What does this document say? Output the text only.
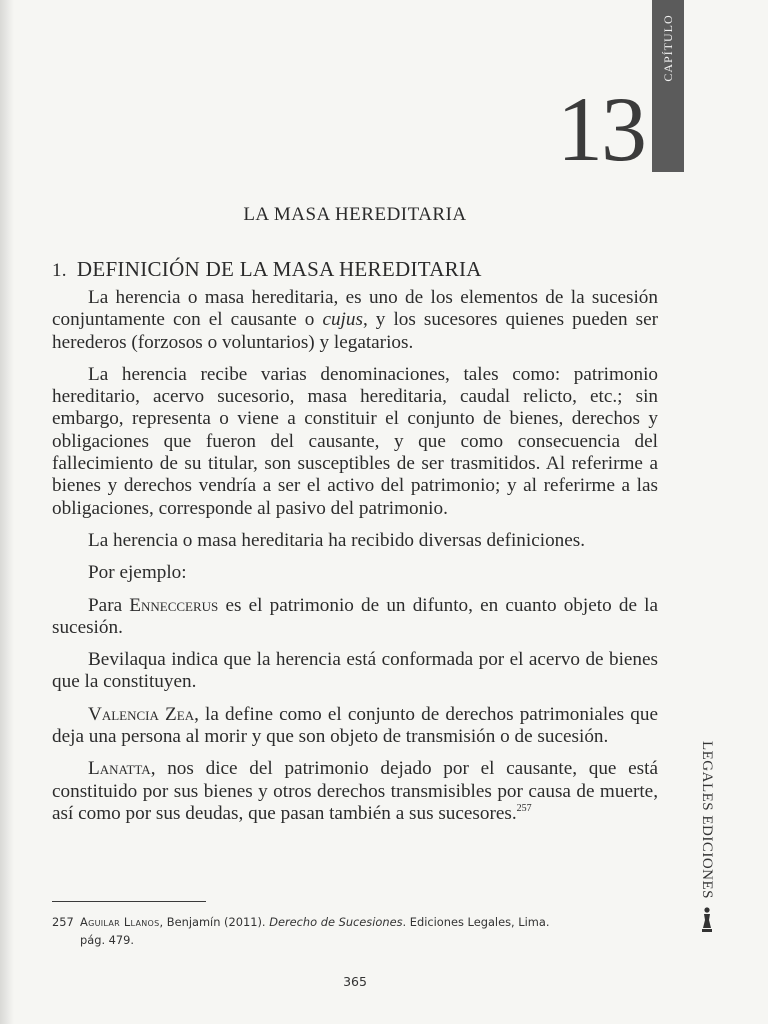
CAPÍTULO
13
LA MASA HEREDITARIA
1. DEFINICIÓN DE LA MASA HEREDITARIA

La herencia o masa hereditaria, es uno de los elementos de la sucesión conjuntamente con el causante o cujus, y los sucesores quienes pueden ser herederos (forzosos o voluntarios) y legatarios.

La herencia recibe varias denominaciones, tales como: patrimonio hereditario, acervo sucesorio, masa hereditaria, caudal relicto, etc.; sin embargo, representa o viene a constituir el conjunto de bienes, derechos y obligaciones que fueron del causante, y que como consecuencia del fallecimiento de su titular, son susceptibles de ser trasmitidos. Al referirme a bienes y derechos vendría a ser el activo del patrimonio; y al referirme a las obligaciones, corresponde al pasivo del patrimonio.

La herencia o masa hereditaria ha recibido diversas definiciones.

Por ejemplo:

Para Enneccerus es el patrimonio de un difunto, en cuanto objeto de la sucesión.

Bevilaqua indica que la herencia está conformada por el acervo de bienes que la constituyen.

Valencia Zea, la define como el conjunto de derechos patrimoniales que deja una persona al morir y que son objeto de transmisión o de sucesión.

Lanatta, nos dice del patrimonio dejado por el causante, que está constituido por sus bienes y otros derechos transmisibles por causa de muerte, así como por sus deudas, que pasan también a sus sucesores.$^{257}$

257 Aguilar Llanos, Benjamín (2011). Derecho de Sucesiones. Ediciones Legales, Lima.
pág. 479.
365
LEGALES EDICIONES
